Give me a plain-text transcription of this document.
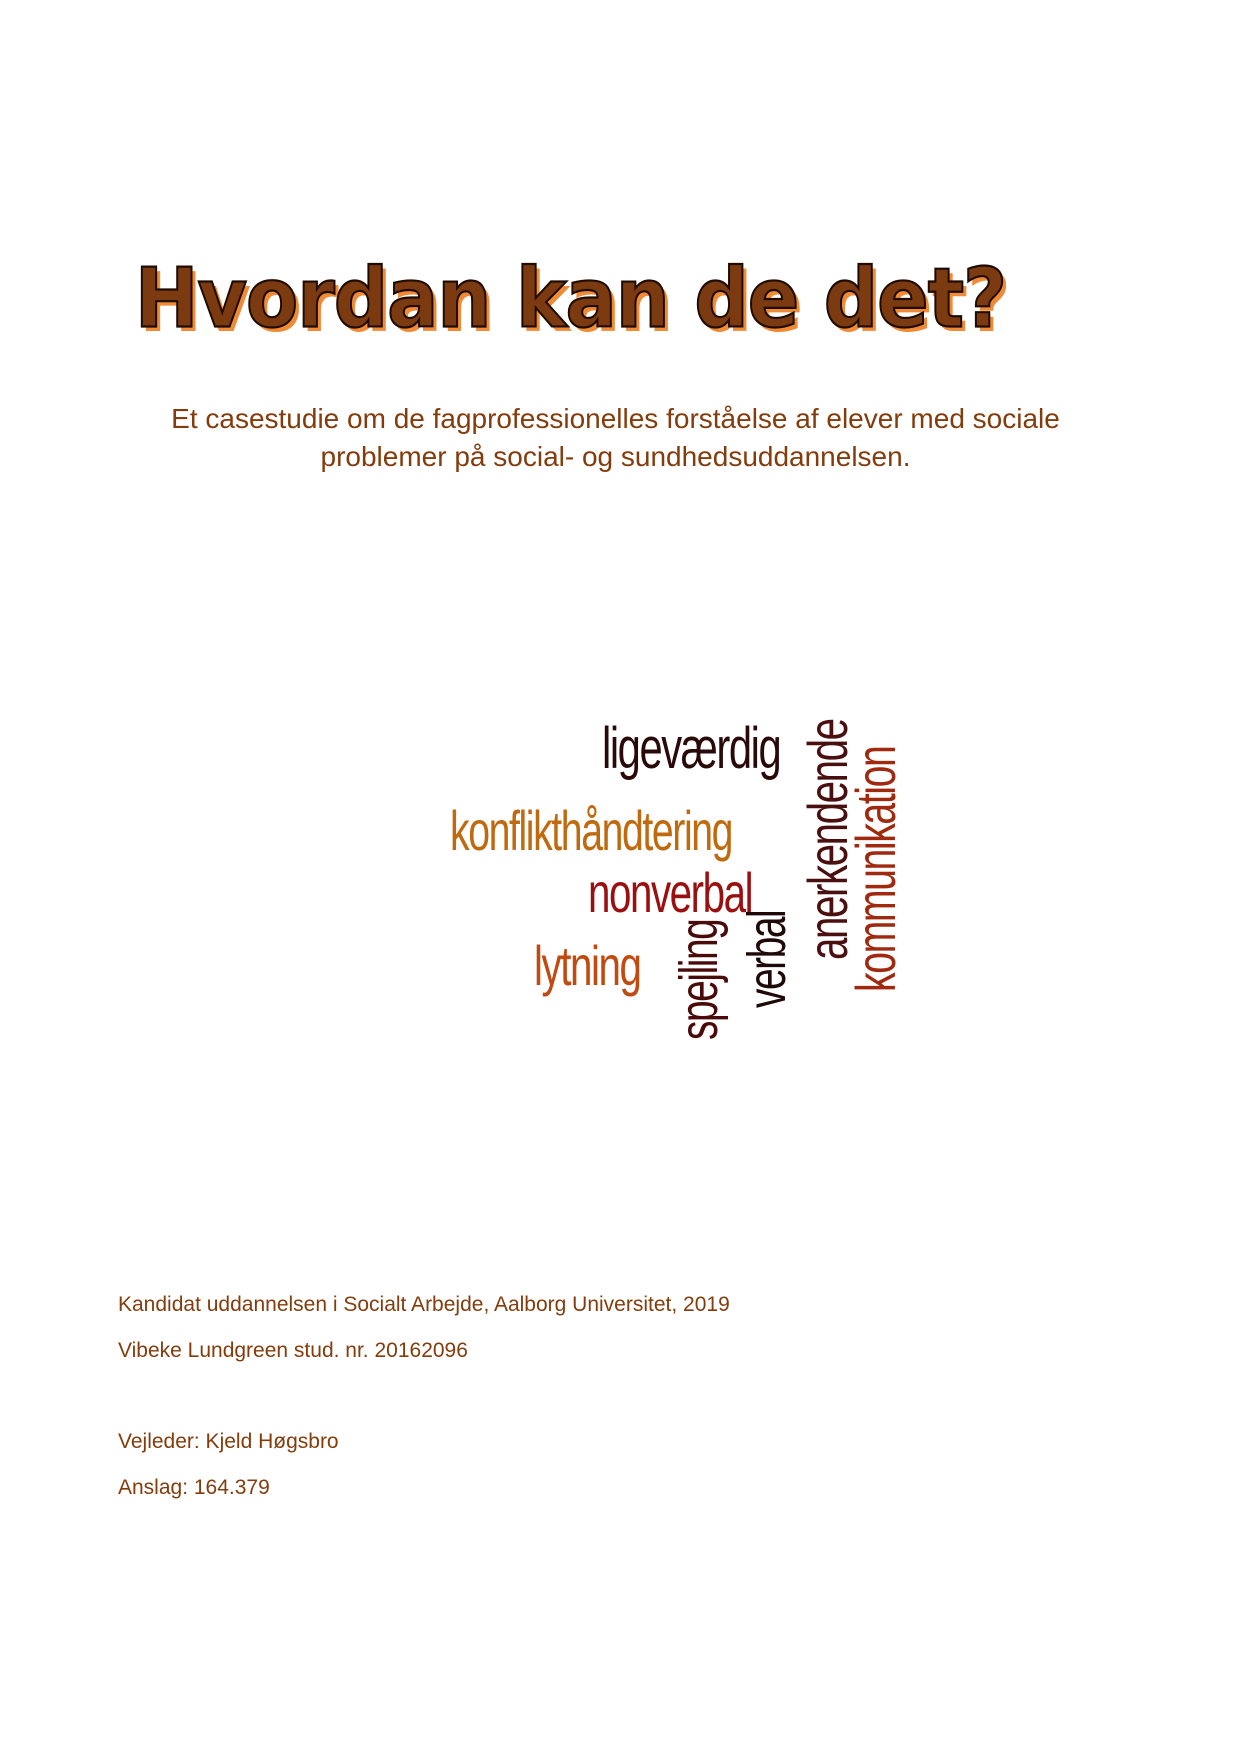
Hvordan kan de det?
Et casestudie om de fagprofessionelles forståelse af elever med sociale
problemer på social- og sundhedsuddannelsen.
ligeværdig
konflikthåndtering
nonverbal
lytning spejling verbal anerkendende
kommunikation

Kandidat uddannelsen i Socialt Arbejde, Aalborg Universitet, 2019

Vibeke Lundgreen stud. nr. 20162096

Vejleder: Kjeld Høgsbro

Anslag: 164.379
